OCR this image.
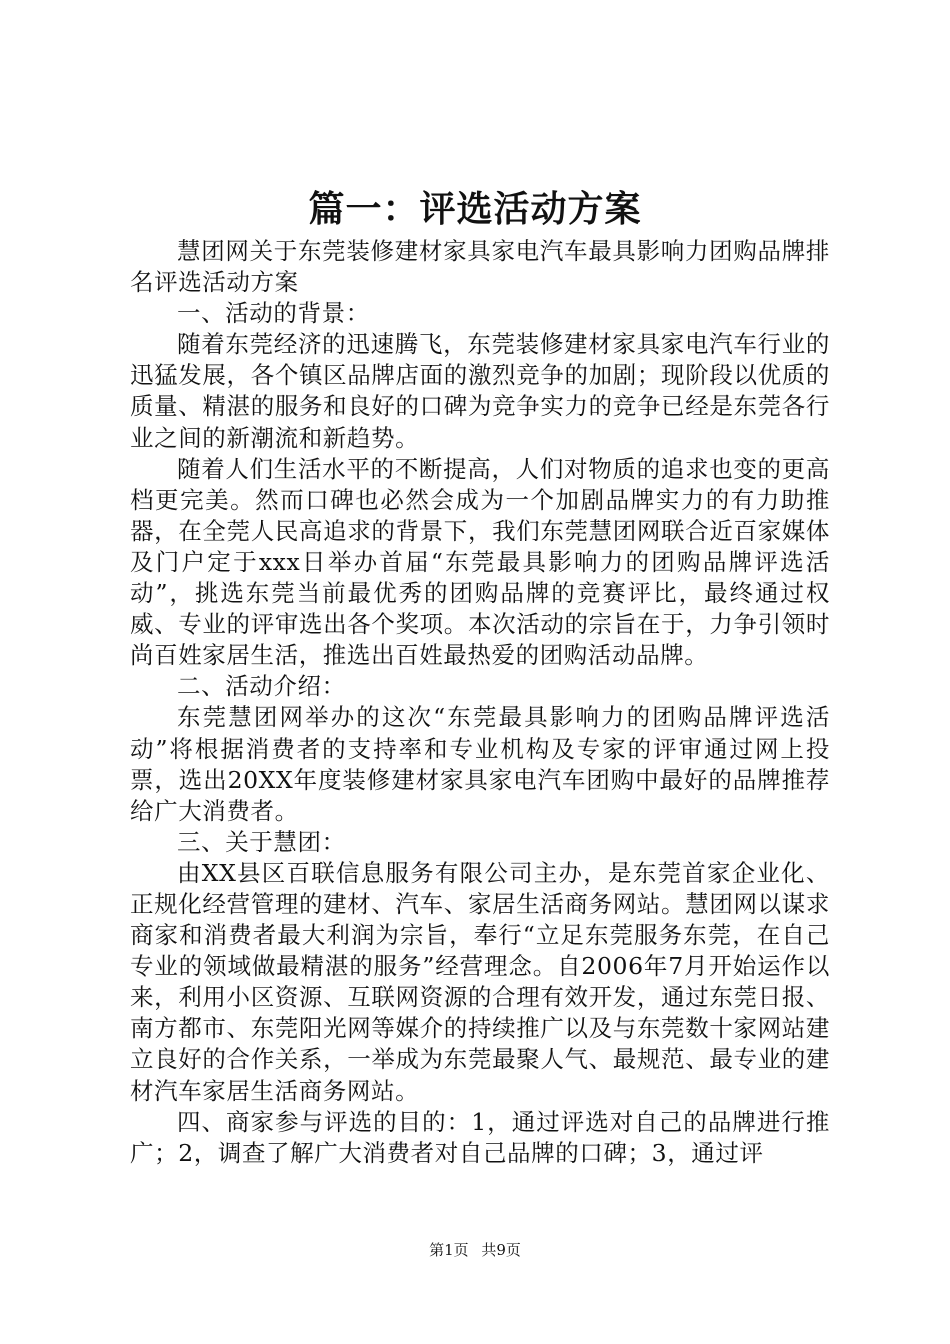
篇一：评选活动方案

慧团网关于东莞装修建材家具家电汽车最具影响力团购品牌排名评选活动方案

一、活动的背景：

随着东莞经济的迅速腾飞，东莞装修建材家具家电汽车行业的迅猛发展，各个镇区品牌店面的激烈竞争的加剧；现阶段以优质的质量、精湛的服务和良好的口碑为竞争实力的竞争已经是东莞各行业之间的新潮流和新趋势。

随着人们生活水平的不断提高，人们对物质的追求也变的更高档更完美。然而口碑也必然会成为一个加剧品牌实力的有力助推器，在全莞人民高追求的背景下，我们东莞慧团网联合近百家媒体及门户定于xxx日举办首届“东莞最具影响力的团购品牌评选活动”，挑选东莞当前最优秀的团购品牌的竞赛评比，最终通过权威、专业的评审选出各个奖项。本次活动的宗旨在于，力争引领时尚百姓家居生活，推选出百姓最热爱的团购活动品牌。

二、活动介绍：

东莞慧团网举办的这次“东莞最具影响力的团购品牌评选活动”将根据消费者的支持率和专业机构及专家的评审通过网上投票，选出20XX年度装修建材家具家电汽车团购中最好的品牌推荐给广大消费者。

三、关于慧团：

由XX县区百联信息服务有限公司主办，是东莞首家企业化、正规化经营管理的建材、汽车、家居生活商务网站。慧团网以谋求商家和消费者最大利润为宗旨，奉行“立足东莞服务东莞，在自己专业的领域做最精湛的服务”经营理念。自2006年7月开始运作以来，利用小区资源、互联网资源的合理有效开发，通过东莞日报、南方都市、东莞阳光网等媒介的持续推广以及与东莞数十家网站建立良好的合作关系，一举成为东莞最聚人气、最规范、最专业的建材汽车家居生活商务网站。

四、商家参与评选的目的：1，通过评选对自己的品牌进行推广；2，调查了解广大消费者对自己品牌的口碑；3，通过评

第1页 共9页
